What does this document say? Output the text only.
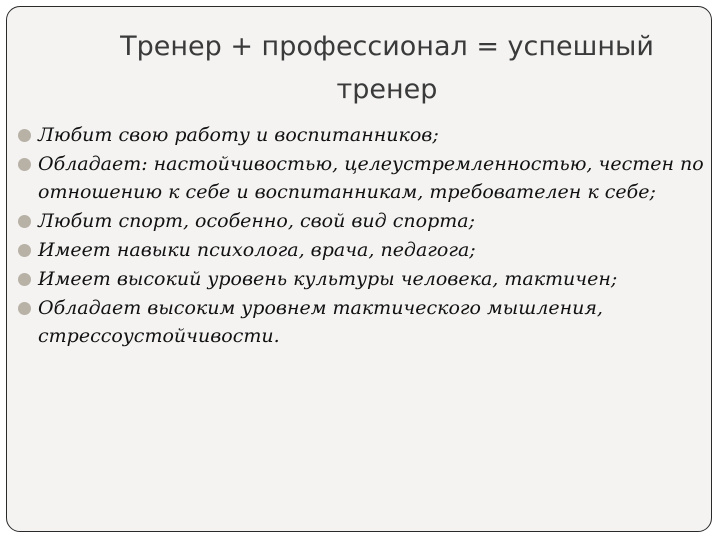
Тренер + профессионал = успешный тренер
Любит свою работу и воспитанников;
Обладает: настойчивостью, целеустремленностью, честен по отношению к себе и воспитанникам, требователен к себе;
Любит спорт, особенно, свой вид спорта;
Имеет навыки психолога, врача, педагога;
Имеет высокий уровень культуры человека, тактичен;
Обладает высоким уровнем тактического мышления, стрессоустойчивости.
